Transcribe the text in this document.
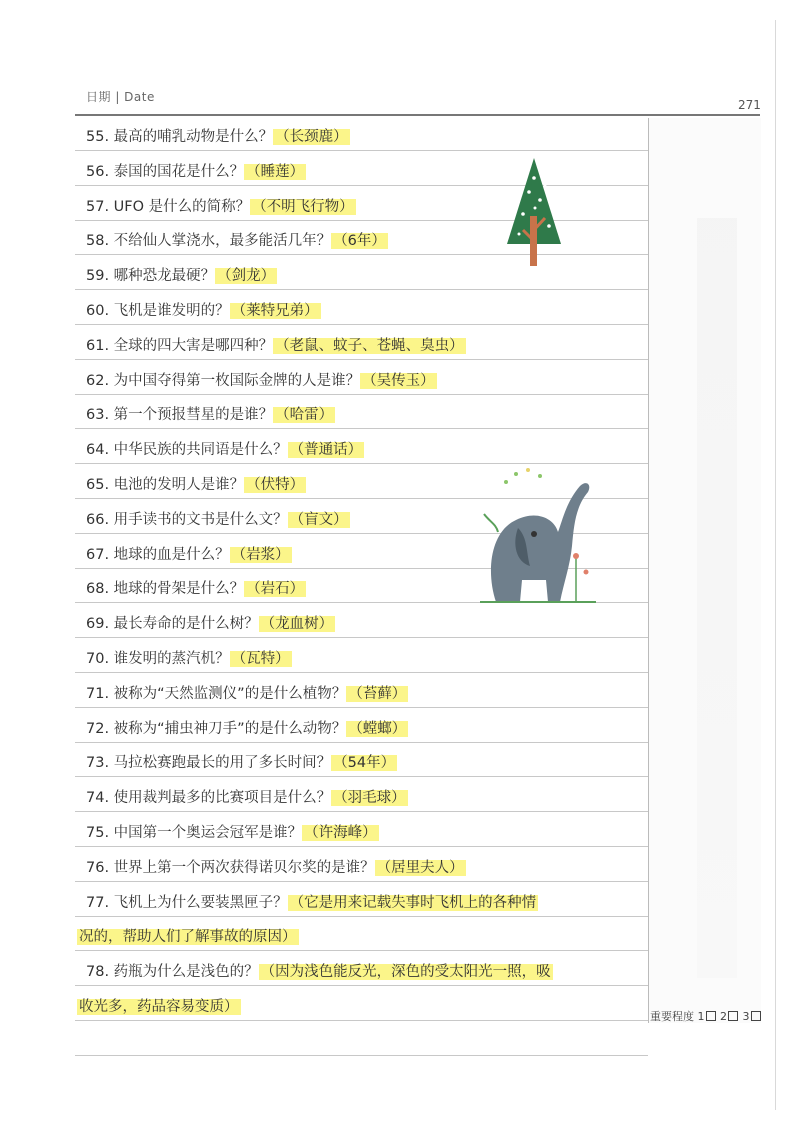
日期 | Date
271
55. 最高的哺乳动物是什么？ （长颈鹿）
56. 泰国的国花是什么？ （睡莲）
57. UFO 是什么的简称？ （不明飞行物）
58. 不给仙人掌浇水，最多能活几年？ （6年）
59. 哪种恐龙最硬？ （剑龙）
60. 飞机是谁发明的？ （莱特兄弟）
61. 全球的四大害是哪四种？ （老鼠、蚊子、苍蝇、臭虫）
62. 为中国夺得第一枚国际金牌的人是谁？ （吴传玉）
63. 第一个预报彗星的是谁？ （哈雷）
64. 中华民族的共同语是什么？ （普通话）
65. 电池的发明人是谁？ （伏特）
66. 用手读书的文书是什么文？ （盲文）
67. 地球的血是什么？ （岩浆）
68. 地球的骨架是什么？ （岩石）
69. 最长寿命的是什么树？ （龙血树）
70. 谁发明的蒸汽机？ （瓦特）
71. 被称为“天然监测仪”的是什么植物？ （苔藓）
72. 被称为“捕虫神刀手”的是什么动物？ （螳螂）
73. 马拉松赛跑最长的用了多长时间？ （54年）
74. 使用裁判最多的比赛项目是什么？ （羽毛球）
75. 中国第一个奥运会冠军是谁？ （许海峰）
76. 世界上第一个两次获得诺贝尔奖的是谁？ （居里夫人）
77. 飞机上为什么要装黑匣子？ （它是用来记载失事时飞机上的各种情
况的，帮助人们了解事故的原因）
78. 药瓶为什么是浅色的？ （因为浅色能反光，深色的受太阳光一照，吸
收光多，药品容易变质）
重要程度 1 2 3
